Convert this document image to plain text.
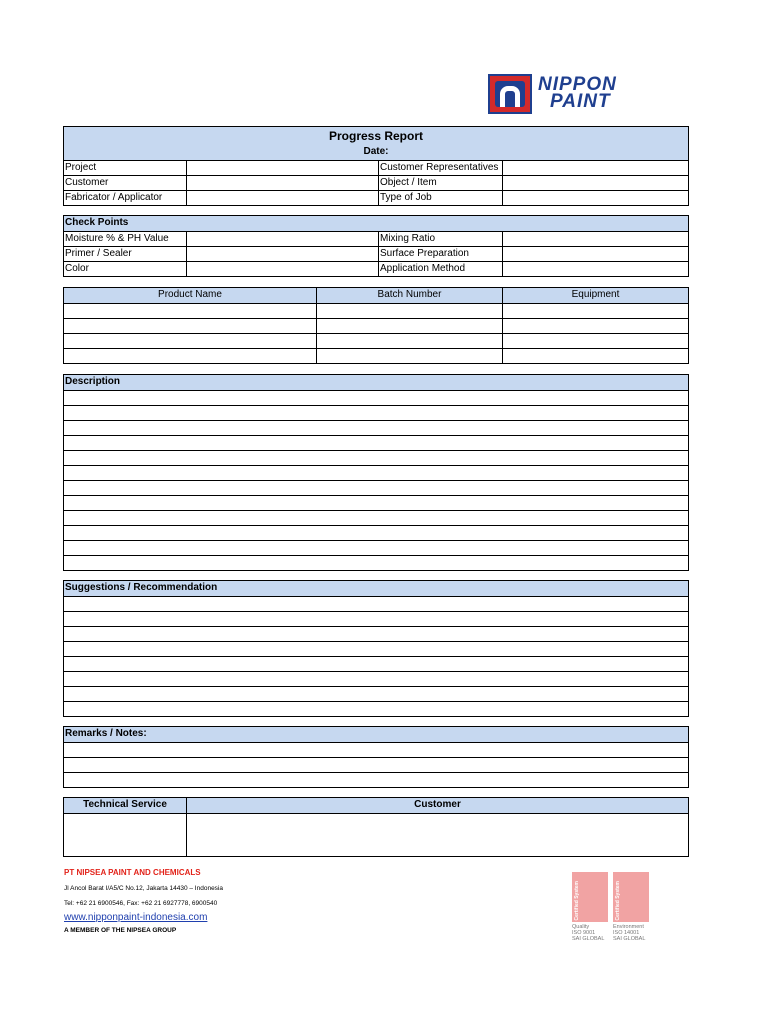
NIPPON
PAINT
Progress Report
Date:
Project	Customer Representatives
Customer	Object / Item
Fabricator / Applicator	Type of Job
Check Points
Moisture % & PH Value	Mixing Ratio
Primer / Sealer	Surface Preparation
Color	Application Method
Product Name	Batch Number	Equipment
Description
Suggestions / Recommendation
Remarks / Notes:
Technical Service	Customer
PT NIPSEA PAINT AND CHEMICALS
Jl Ancol Barat I/A5/C No.12, Jakarta 14430 – Indonesia
Tel: +62 21 6900546, Fax: +62 21 6927778, 6900540
www.nipponpaint-indonesia.com
A MEMBER OF THE NIPSEA GROUP
Certified System	Certified System
Quality
ISO 9001
SAI GLOBAL
Environment
ISO 14001
SAI GLOBAL
